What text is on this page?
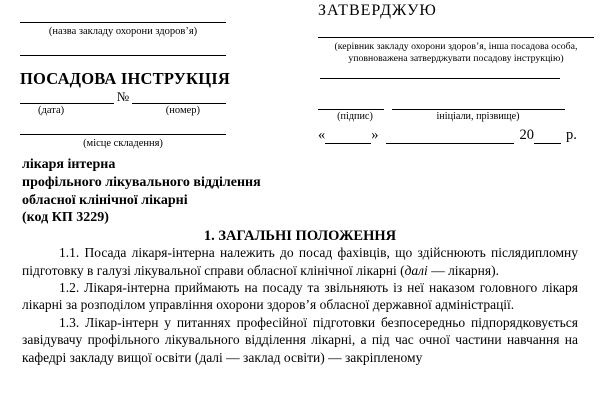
(назва закладу охорони здоров’я)
ПОСАДОВА ІНСТРУКЦІЯ
№
(дата)	(номер)
(місце складення)
ЗАТВЕРДЖУЮ
(керівник закладу охорони здоров’я, інша посадова особа,
уповноважена затверджувати посадову інструкцію)
(підпис)	ініціали, прізвище)
«	»	20 р.
лікаря інтерна
профільного лікувального відділення
обласної клінічної лікарні
(код КП 3229)
1. ЗАГАЛЬНІ ПОЛОЖЕННЯ

1.1. Посада лікаря-інтерна належить до посад фахівців, що здійснюють післядипломну підготовку в галузі лікувальної справи обласної клінічної лікарні (далі — лікарня).

1.2. Лікаря-інтерна приймають на посаду та звільняють із неї наказом головного лікаря лікарні за розподілом управління охорони здоров’я обласної державної адміністрації.

1.3. Лікар-інтерн у питаннях професійної підготовки безпосередньо підпорядковується завідувачу профільного лікувального відділення лікарні, а під час очної частини навчання на кафедрі закладу вищої освіти (далі — заклад освіти) — закріпленому
